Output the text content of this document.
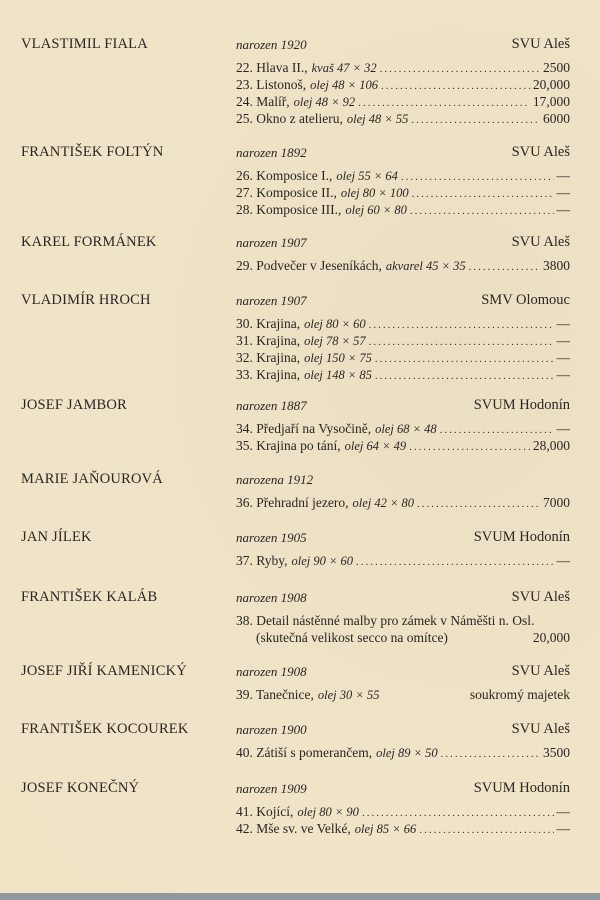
VLASTIMIL FIALA	narozen 1920	SVU Aleš
22. Hlava II., kvaš 47 × 32 .....	2500
23. Listonoš, olej 48 × 106 .....	20,000
24. Malíř, olej 48 × 92 .....	17,000
25. Okno z atelieru, olej 48 × 55 .....	6000
FRANTIŠEK FOLTÝN	narozen 1892	SVU Aleš
26. Komposice I., olej 55 × 64 .....	—
27. Komposice II., olej 80 × 100 .....	—
28. Komposice III., olej 60 × 80 .....	—
KAREL FORMÁNEK	narozen 1907	SVU Aleš
29. Podvečer v Jeseníkách, akvarel 45 × 35 .....	3800
VLADIMÍR HROCH	narozen 1907	SMV Olomouc
30. Krajina, olej 80 × 60 .....	—
31. Krajina, olej 78 × 57 .....	—
32. Krajina, olej 150 × 75 .....	—
33. Krajina, olej 148 × 85 .....	—
JOSEF JAMBOR	narozen 1887	SVUM Hodonín
34. Předjaří na Vysočině, olej 68 × 48 .....	—
35. Krajina po tání, olej 64 × 49 .....	28,000
MARIE JAŇOUROVÁ	narozena 1912
36. Přehradní jezero, olej 42 × 80 .....	7000
JAN JÍLEK	narozen 1905	SVUM Hodonín
37. Ryby, olej 90 × 60 .....	—
FRANTIŠEK KALÁB	narozen 1908	SVU Aleš
38. Detail nástěnné malby pro zámek v Náměšti n. Osl.
(skutečná velikost secco na omítce)	20,000
JOSEF JIŘÍ KAMENICKÝ	narozen 1908	SVU Aleš
39. Tanečnice, olej 30 × 55	soukromý majetek
FRANTIŠEK KOCOUREK	narozen 1900	SVU Aleš
40. Zátiší s pomerančem, olej 89 × 50 .....	3500
JOSEF KONEČNÝ	narozen 1909	SVUM Hodonín
41. Kojící, olej 80 × 90 .....	—
42. Mše sv. ve Velké, olej 85 × 66 .....	—
